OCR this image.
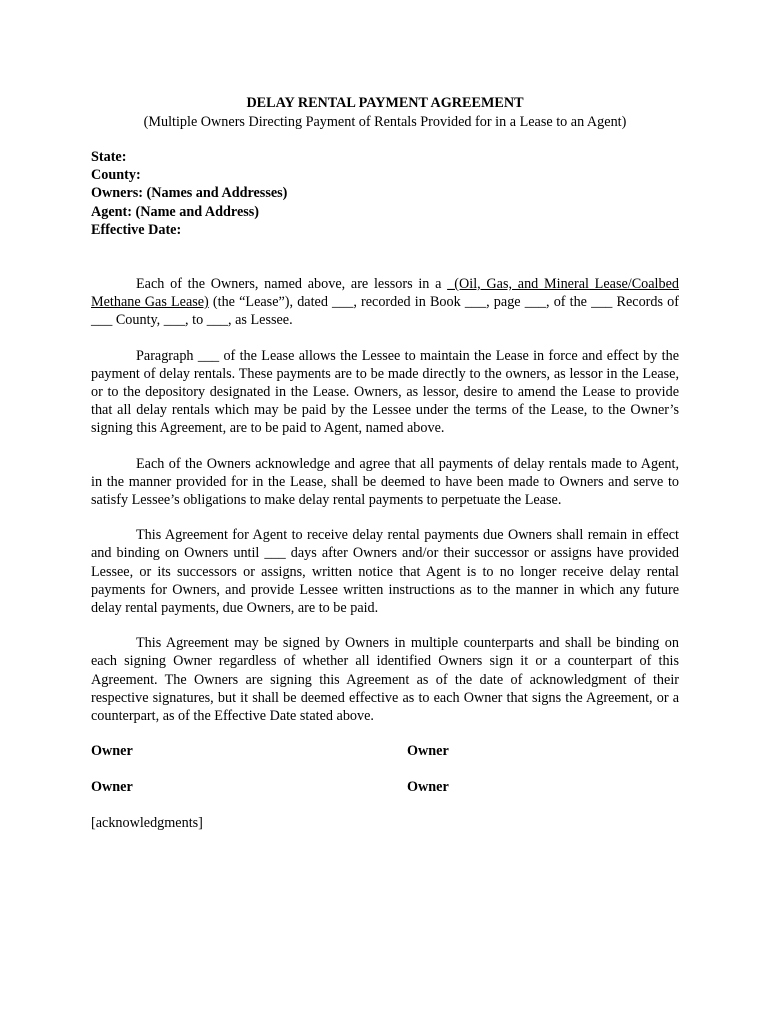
DELAY RENTAL PAYMENT AGREEMENT
(Multiple Owners Directing Payment of Rentals Provided for in a Lease to an Agent)
State:
County:
Owners: (Names and Addresses)
Agent: (Name and Address)
Effective Date:

Each of the Owners, named above, are lessors in a _(Oil, Gas, and Mineral Lease/Coalbed Methane Gas Lease) (the “Lease”), dated ___, recorded in Book ___, page ___, of the ___ Records of ___ County, ___, to ___, as Lessee.

Paragraph ___ of the Lease allows the Lessee to maintain the Lease in force and effect by the payment of delay rentals. These payments are to be made directly to the owners, as lessor in the Lease, or to the depository designated in the Lease. Owners, as lessor, desire to amend the Lease to provide that all delay rentals which may be paid by the Lessee under the terms of the Lease, to the Owner’s signing this Agreement, are to be paid to Agent, named above.

Each of the Owners acknowledge and agree that all payments of delay rentals made to Agent, in the manner provided for in the Lease, shall be deemed to have been made to Owners and serve to satisfy Lessee’s obligations to make delay rental payments to perpetuate the Lease.

This Agreement for Agent to receive delay rental payments due Owners shall remain in effect and binding on Owners until ___ days after Owners and/or their successor or assigns have provided Lessee, or its successors or assigns, written notice that Agent is to no longer receive delay rental payments for Owners, and provide Lessee written instructions as to the manner in which any future delay rental payments, due Owners, are to be paid.

This Agreement may be signed by Owners in multiple counterparts and shall be binding on each signing Owner regardless of whether all identified Owners sign it or a counterpart of this Agreement. The Owners are signing this Agreement as of the date of acknowledgment of their respective signatures, but it shall be deemed effective as to each Owner that signs the Agreement, or a counterpart, as of the Effective Date stated above.

Owner	Owner
Owner	Owner
[acknowledgments]
